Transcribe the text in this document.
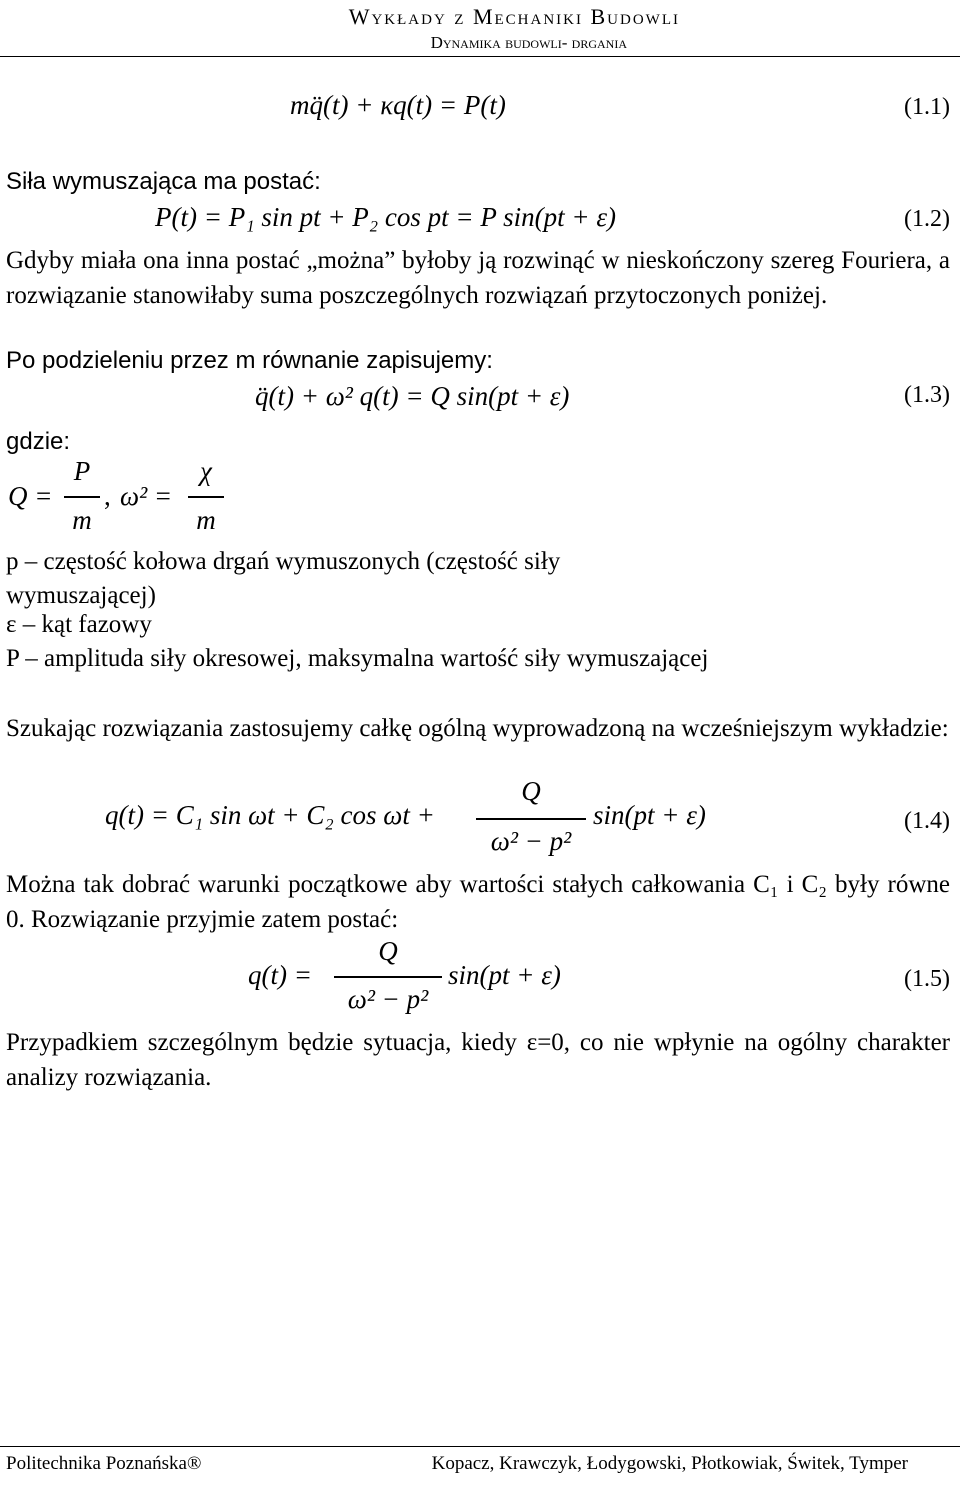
Wykłady z Mechaniki Budowli
Dynamika budowli- drgania
mq̈(t) + κq(t) = P(t)	(1.1)
Siła wymuszająca ma postać:
P(t) = P₁ sin pt + P₂ cos pt = P sin(pt + ε)	(1.2)
Gdyby miała ona inna postać „można” byłoby ją rozwinąć w nieskończony szereg Fouriera, a rozwiązanie stanowiłaby suma poszczególnych rozwiązań przytoczonych poniżej.
Po podzieleniu przez m równanie zapisujemy:
q̈(t) + ω² q(t) = Q sin(pt + ε)	(1.3)
gdzie:
Q =
P
m
, ω² =
χ
m
p – częstość kołowa drgań wymuszonych (częstość siły wymuszającej)
ε – kąt fazowy
P – amplituda siły okresowej, maksymalna wartość siły wymuszającej
Szukając rozwiązania zastosujemy całkę ogólną wyprowadzoną na wcześniejszym wykładzie:
q(t) = C₁ sin ωt + C₂ cos ωt +
Q
ω² − p²
sin(pt + ε)	(1.4)
Można tak dobrać warunki początkowe aby wartości stałych całkowania C₁ i C₂ były równe 0. Rozwiązanie przyjmie zatem postać:
q(t) =
Q
ω² − p²
sin(pt + ε)	(1.5)
Przypadkiem szczególnym będzie sytuacja, kiedy ε=0, co nie wpłynie na ogólny charakter analizy rozwiązania.
Politechnika Poznańska®	Kopacz, Krawczyk, Łodygowski, Płotkowiak, Świtek, Tymper
